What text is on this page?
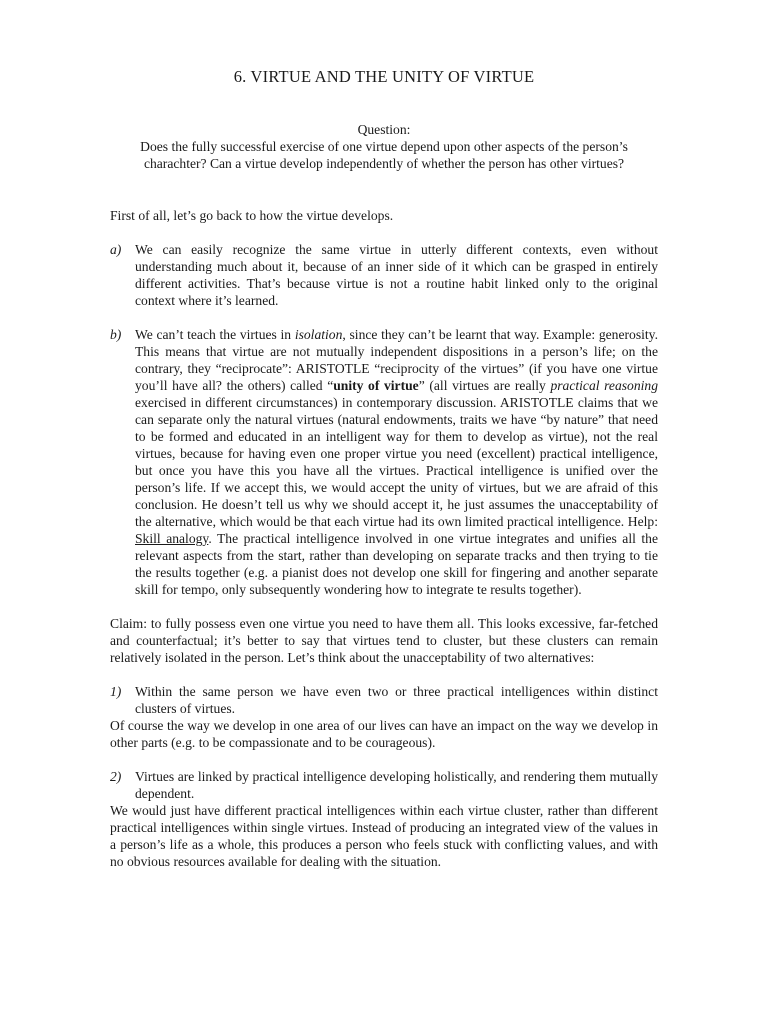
6. VIRTUE AND THE UNITY OF VIRTUE
Question:
Does the fully successful exercise of one virtue depend upon other aspects of the person’s charachter? Can a virtue develop independently of whether the person has other virtues?

First of all, let’s go back to how the virtue develops.

a)	We can easily recognize the same virtue in utterly different contexts, even without understanding much about it, because of an inner side of it which can be grasped in entirely different activities. That’s because virtue is not a routine habit linked only to the original context where it’s learned.
b)	We can’t teach the virtues in isolation, since they can’t be learnt that way. Example: generosity. This means that virtue are not mutually independent dispositions in a person’s life; on the contrary, they “reciprocate”: ARISTOTLE “reciprocity of the virtues” (if you have one virtue you’ll have all? the others) called “unity of virtue” (all virtues are really practical reasoning exercised in different circumstances) in contemporary discussion. ARISTOTLE claims that we can separate only the natural virtues (natural endowments, traits we have “by nature” that need to be formed and educated in an intelligent way for them to develop as virtue), not the real virtues, because for having even one proper virtue you need (excellent) practical intelligence, but once you have this you have all the virtues. Practical intelligence is unified over the person’s life. If we accept this, we would accept the unity of virtues, but we are afraid of this conclusion. He doesn’t tell us why we should accept it, he just assumes the unacceptability of the alternative, which would be that each virtue had its own limited practical intelligence. Help: Skill analogy. The practical intelligence involved in one virtue integrates and unifies all the relevant aspects from the start, rather than developing on separate tracks and then trying to tie the results together (e.g. a pianist does not develop one skill for fingering and another separate skill for tempo, only subsequently wondering how to integrate te results together).

Claim: to fully possess even one virtue you need to have them all. This looks excessive, far-fetched and counterfactual; it’s better to say that virtues tend to cluster, but these clusters can remain relatively isolated in the person. Let’s think about the unacceptability of two alternatives:

1)	Within the same person we have even two or three practical intelligences within distinct clusters of virtues.

Of course the way we develop in one area of our lives can have an impact on the way we develop in other parts (e.g. to be compassionate and to be courageous).

2)	Virtues are linked by practical intelligence developing holistically, and rendering them mutually dependent.

We would just have different practical intelligences within each virtue cluster, rather than different practical intelligences within single virtues. Instead of producing an integrated view of the values in a person’s life as a whole, this produces a person who feels stuck with conflicting values, and with no obvious resources available for dealing with the situation.
